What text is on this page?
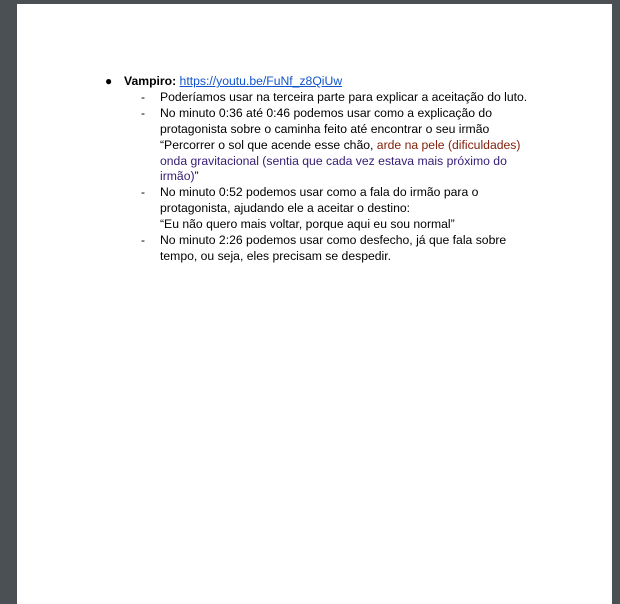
● Vampiro: https://youtu.be/FuNf_z8QiUw
- Poderíamos usar na terceira parte para explicar a aceitação do luto.
- No minuto 0:36 até 0:46 podemos usar como a explicação do
protagonista sobre o caminha feito até encontrar o seu irmão
“Percorrer o sol que acende esse chão, arde na pele (dificuldades)
onda gravitacional (sentia que cada vez estava mais próximo do
irmão)”
- No minuto 0:52 podemos usar como a fala do irmão para o
protagonista, ajudando ele a aceitar o destino:
“Eu não quero mais voltar, porque aqui eu sou normal”
- No minuto 2:26 podemos usar como desfecho, já que fala sobre
tempo, ou seja, eles precisam se despedir.
